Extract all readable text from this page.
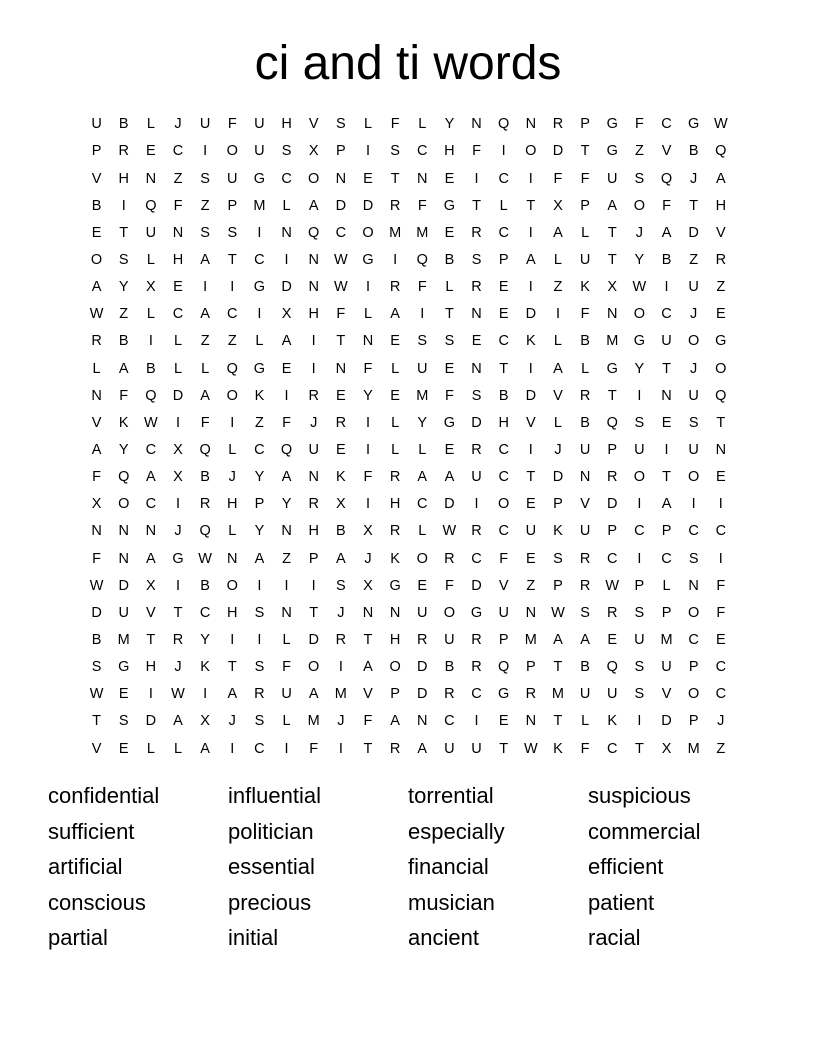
ci and ti words
U	B	L	J	U	F	U	H	V	S	L	F	L	Y	N	Q	N	R	P	G	F	C	G	W
P	R	E	C	I	O	U	S	X	P	I	S	C	H	F	I	O	D	T	G	Z	V	B	Q
V	H	N	Z	S	U	G	C	O	N	E	T	N	E	I	C	I	F	F	U	S	Q	J	A
B	I	Q	F	Z	P	M	L	A	D	D	R	F	G	T	L	T	X	P	A	O	F	T	H
E	T	U	N	S	S	I	N	Q	C	O	M	M	E	R	C	I	A	L	T	J	A	D	V
O	S	L	H	A	T	C	I	N	W	G	I	Q	B	S	P	A	L	U	T	Y	B	Z	R
A	Y	X	E	I	I	G	D	N	W	I	R	F	L	R	E	I	Z	K	X	W	I	U	Z
W	Z	L	C	A	C	I	X	H	F	L	A	I	T	N	E	D	I	F	N	O	C	J	E
R	B	I	L	Z	Z	L	A	I	T	N	E	S	S	E	C	K	L	B	M	G	U	O	G
L	A	B	L	L	Q	G	E	I	N	F	L	U	E	N	T	I	A	L	G	Y	T	J	O
N	F	Q	D	A	O	K	I	R	E	Y	E	M	F	S	B	D	V	R	T	I	N	U	Q
V	K	W	I	F	I	Z	F	J	R	I	L	Y	G	D	H	V	L	B	Q	S	E	S	T
A	Y	C	X	Q	L	C	Q	U	E	I	L	L	E	R	C	I	J	U	P	U	I	U	N
F	Q	A	X	B	J	Y	A	N	K	F	R	A	A	U	C	T	D	N	R	O	T	O	E
X	O	C	I	R	H	P	Y	R	X	I	H	C	D	I	O	E	P	V	D	I	A	I	I
N	N	N	J	Q	L	Y	N	H	B	X	R	L	W	R	C	U	K	U	P	C	P	C	C
F	N	A	G	W	N	A	Z	P	A	J	K	O	R	C	F	E	S	R	C	I	C	S	I
W	D	X	I	B	O	I	I	I	S	X	G	E	F	D	V	Z	P	R	W	P	L	N	F
D	U	V	T	C	H	S	N	T	J	N	N	U	O	G	U	N	W	S	R	S	P	O	F
B	M	T	R	Y	I	I	L	D	R	T	H	R	U	R	P	M	A	A	E	U	M	C	E
S	G	H	J	K	T	S	F	O	I	A	O	D	B	R	Q	P	T	B	Q	S	U	P	C
W	E	I	W	I	A	R	U	A	M	V	P	D	R	C	G	R	M	U	U	S	V	O	C
T	S	D	A	X	J	S	L	M	J	F	A	N	C	I	E	N	T	L	K	I	D	P	J
V	E	L	L	A	I	C	I	F	I	T	R	A	U	U	T	W	K	F	C	T	X	M	Z
confidential	influential	torrential	suspicious
sufficient	politician	especially	commercial
artificial	essential	financial	efficient
conscious	precious	musician	patient
partial	initial	ancient	racial
